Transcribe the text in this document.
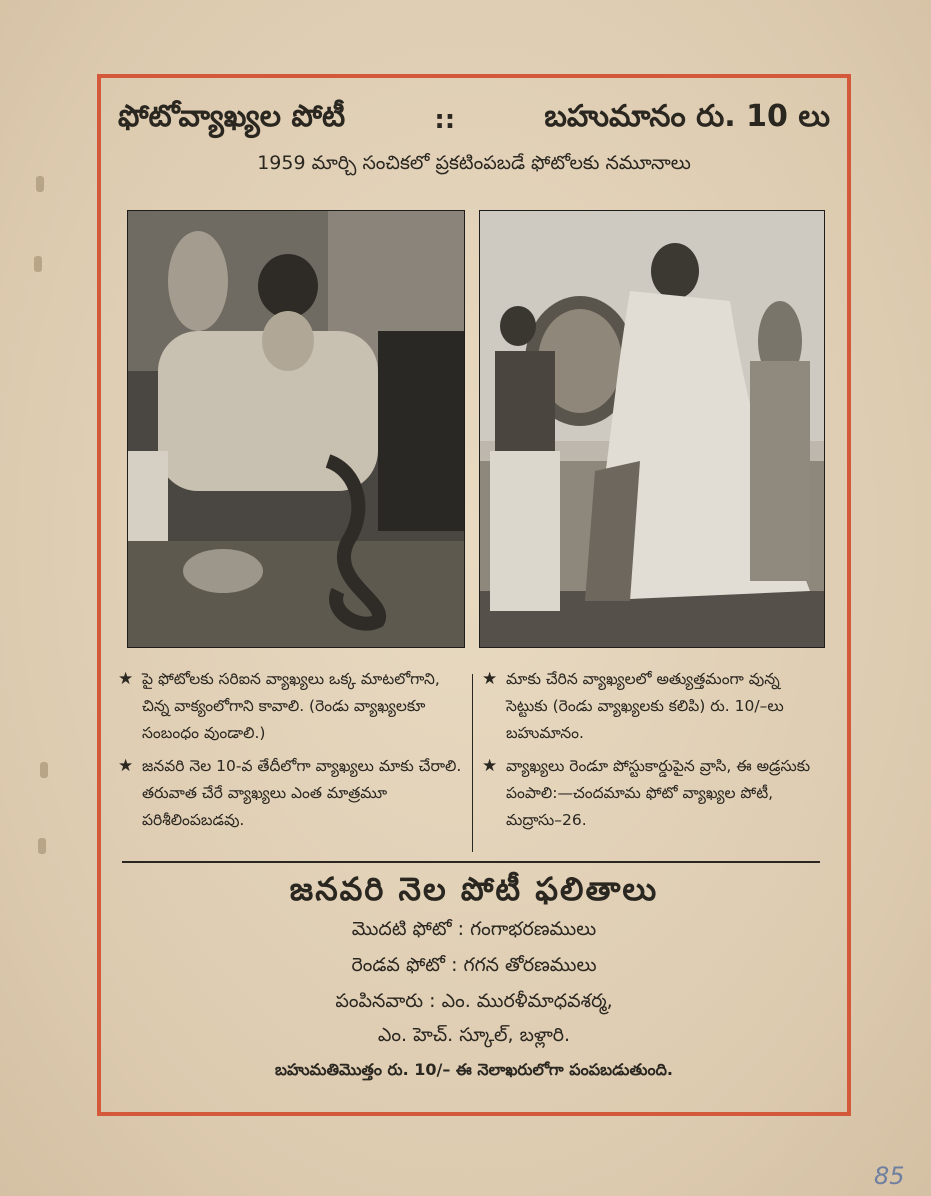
ఫోటోవ్యాఖ్యల పోటీ	::	బహుమానం రు. 10 లు
1959 మార్చి సంచికలో ప్రకటింపబడే ఫోటోలకు నమూనాలు
★ పై ఫోటోలకు సరిఐన వ్యాఖ్యలు ఒక్క మాటలోగాని, చిన్న వాక్యంలోగాని కావాలి. (రెండు వ్యాఖ్యలకూ సంబంధం వుండాలి.)
★ జనవరి నెల 10-వ తేదీలోగా వ్యాఖ్యలు మాకు చేరాలి. తరువాత చేరే వ్యాఖ్యలు ఎంత మాత్రమూ పరిశీలింపబడవు.
★ మాకు చేరిన వ్యాఖ్యలలో అత్యుత్తమంగా వున్న సెట్టుకు (రెండు వ్యాఖ్యలకు కలిపి) రు. 10/–లు బహుమానం.
★ వ్యాఖ్యలు రెండూ పోస్టుకార్డుపైన వ్రాసి, ఈ అడ్రసుకు పంపాలి:—చందమామ ఫోటో వ్యాఖ్యల పోటీ, మద్రాసు–26.
జనవరి నెల పోటీ ఫలితాలు
మొదటి ఫోటో : గంగాభరణములు
రెండవ ఫోటో : గగన తోరణములు
పంపినవారు : ఎం. మురళీమాధవశర్మ,
ఎం. హెచ్. స్కూల్, బళ్లారి.
బహుమతిమొత్తం రు. 10/– ఈ నెలాఖరులోగా పంపబడుతుంది.
85
